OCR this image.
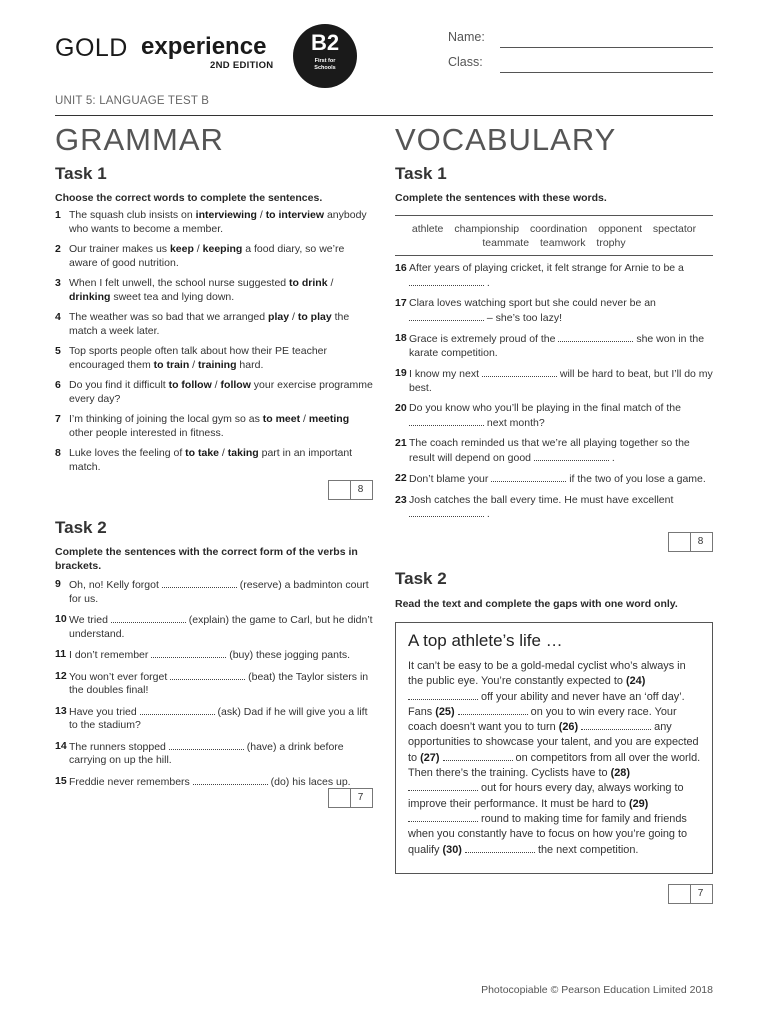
GOLD experience
2ND EDITION
B2
First for Schools
Name:
Class:
UNIT 5: LANGUAGE TEST B
GRAMMAR
Task 1
Choose the correct words to complete the sentences.
1 The squash club insists on interviewing / to interview anybody who wants to become a member.
2 Our trainer makes us keep / keeping a food diary, so we’re aware of good nutrition.
3 When I felt unwell, the school nurse suggested to drink / drinking sweet tea and lying down.
4 The weather was so bad that we arranged play / to play the match a week later.
5 Top sports people often talk about how their PE teacher encouraged them to train / training hard.
6 Do you find it difficult to follow / follow your exercise programme every day?
7 I’m thinking of joining the local gym so as to meet / meeting other people interested in fitness.
8 Luke loves the feeling of to take / taking part in an important match.
8
Task 2
Complete the sentences with the correct form of the verbs in brackets.
9 Oh, no! Kelly forgot	(reserve) a badminton court for us.
10 We tried	(explain) the game to Carl, but he didn’t understand.
11 I don’t remember	(buy) these jogging pants.
12 You won’t ever forget	(beat) the Taylor sisters in the doubles final!
13 Have you tried	(ask) Dad if he will give you a lift to the stadium?
14 The runners stopped	(have) a drink before carrying on up the hill.
15 Freddie never remembers	(do) his laces up.
7
VOCABULARY
Task 1
Complete the sentences with these words.
athlete championship coordination opponent spectator
teammate teamwork trophy
16 After years of playing cricket, it felt strange for Arnie to be a  .
17 Clara loves watching sport but she could never be an  – she’s too lazy!
18 Grace is extremely proud of the	she won in the karate competition.
19 I know my next	will be hard to beat, but I’ll do my best.
20 Do you know who you’ll be playing in the final match of the  next month?
21 The coach reminded us that we’re all playing together so the result will depend on good	.
22 Don’t blame your	if the two of you lose a game.
23 Josh catches the ball every time. He must have excellent  .
8
Task 2
Read the text and complete the gaps with one word only.
A top athlete’s life …
It can’t be easy to be a gold-medal cyclist who’s always in the public eye. You’re constantly expected to (24)  off your ability and never have an ‘off day’. Fans (25)	on you to win every race. Your coach doesn’t want you to turn (26)	any opportunities to showcase your talent, and you are expected to (27)	on competitors from all over the world. Then there’s the training. Cyclists have to (28)  out for hours every day, always working to improve their performance. It must be hard to (29)  round to making time for family and friends when you constantly have to focus on how you’re going to qualify (30)	the next competition.
7
Photocopiable © Pearson Education Limited 2018
